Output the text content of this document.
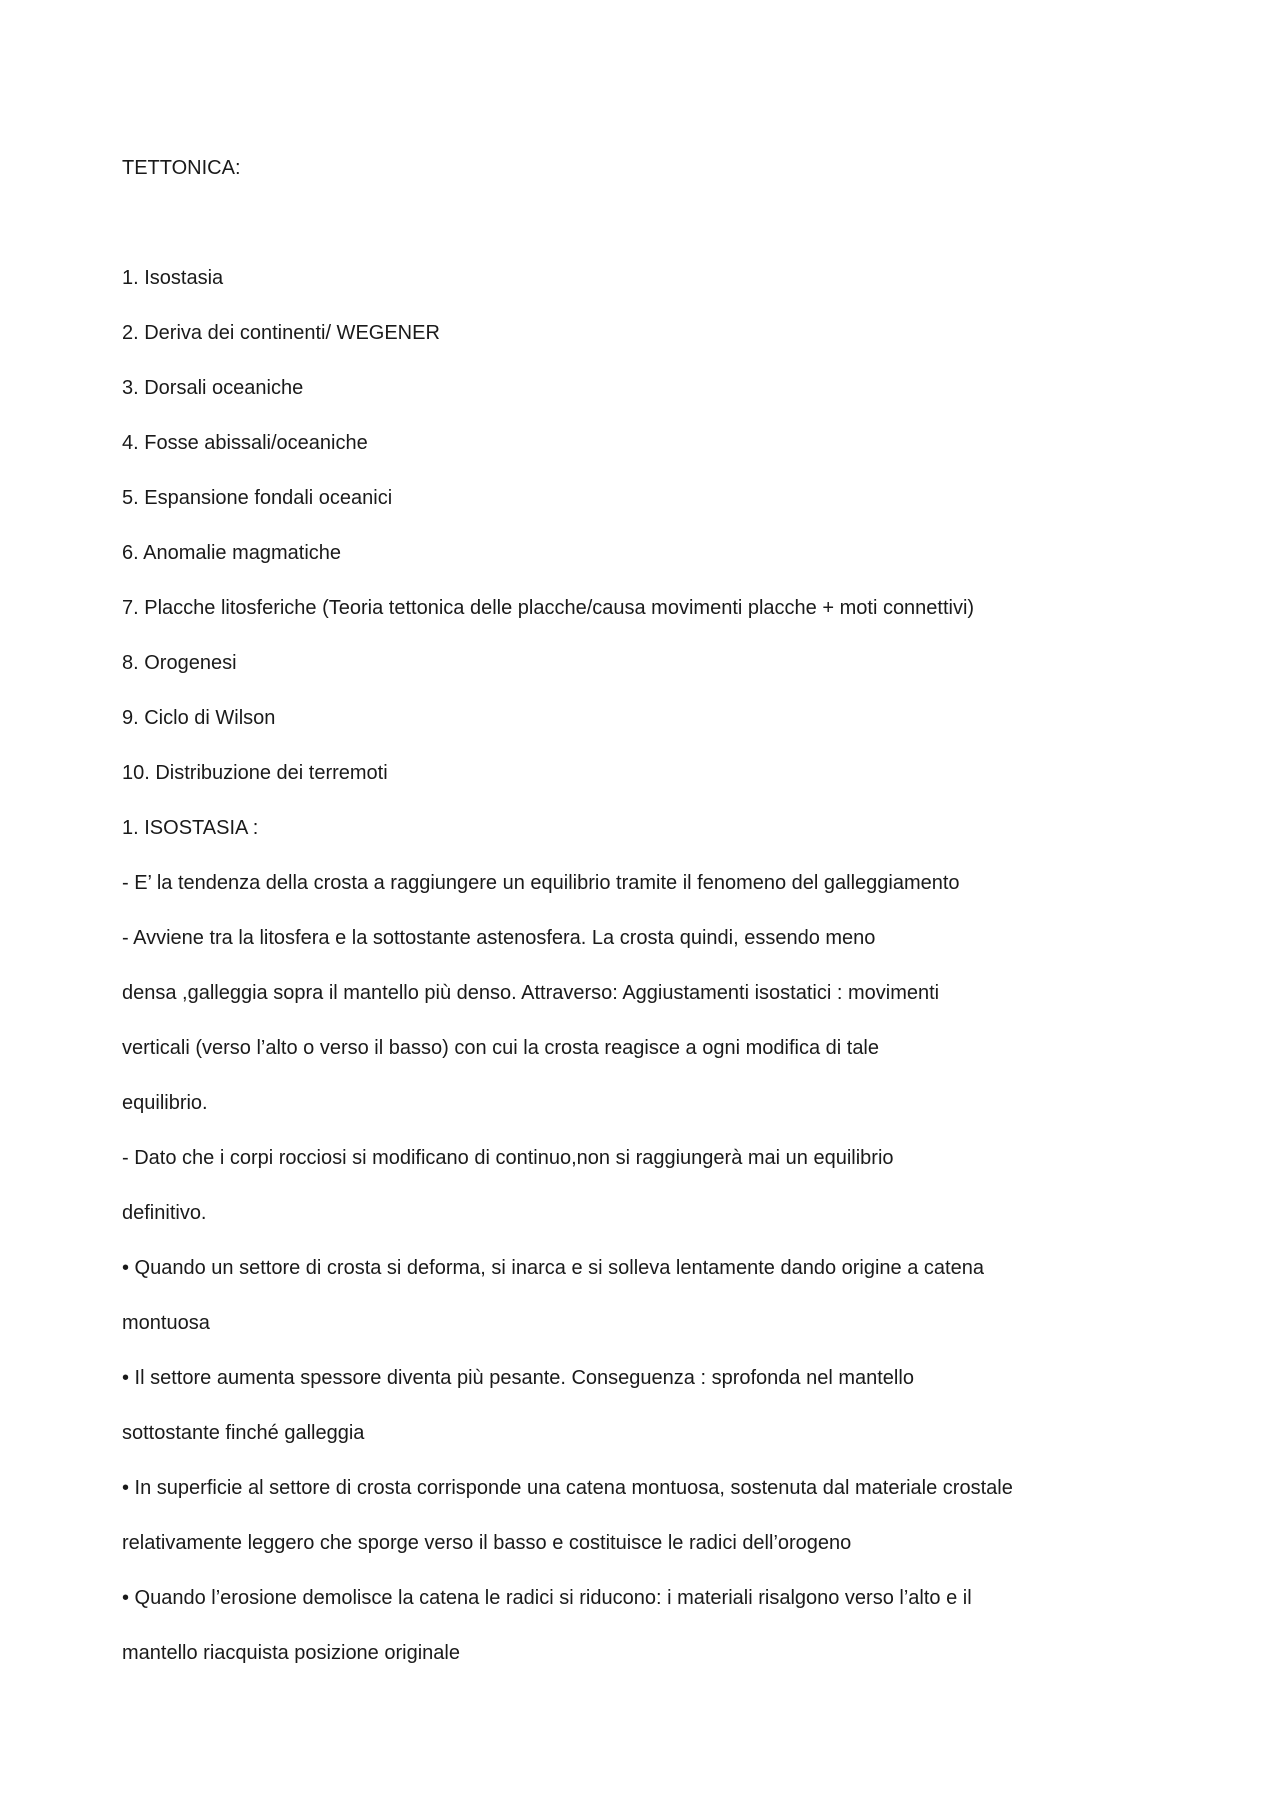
TETTONICA:
1. Isostasia
2. Deriva dei continenti/ WEGENER
3. Dorsali oceaniche
4. Fosse abissali/oceaniche
5. Espansione fondali oceanici
6. Anomalie magmatiche
7. Placche litosferiche (Teoria tettonica delle placche/causa movimenti placche + moti connettivi)
8. Orogenesi
9. Ciclo di Wilson
10. Distribuzione dei terremoti
1. ISOSTASIA :
- E’ la tendenza della crosta a raggiungere un equilibrio tramite il fenomeno del galleggiamento
- Avviene tra la litosfera e la sottostante astenosfera. La crosta quindi, essendo meno
densa ,galleggia sopra il mantello più denso. Attraverso: Aggiustamenti isostatici : movimenti
verticali (verso l’alto o verso il basso) con cui la crosta reagisce a ogni modifica di tale
equilibrio.
- Dato che i corpi rocciosi si modificano di continuo,non si raggiungerà mai un equilibrio
definitivo.
• Quando un settore di crosta si deforma, si inarca e si solleva lentamente dando origine a catena
montuosa
• Il settore aumenta spessore diventa più pesante. Conseguenza : sprofonda nel mantello
sottostante finché galleggia
• In superficie al settore di crosta corrisponde una catena montuosa, sostenuta dal materiale crostale
relativamente leggero che sporge verso il basso e costituisce le radici dell’orogeno
• Quando l’erosione demolisce la catena le radici si riducono: i materiali risalgono verso l’alto e il
mantello riacquista posizione originale
